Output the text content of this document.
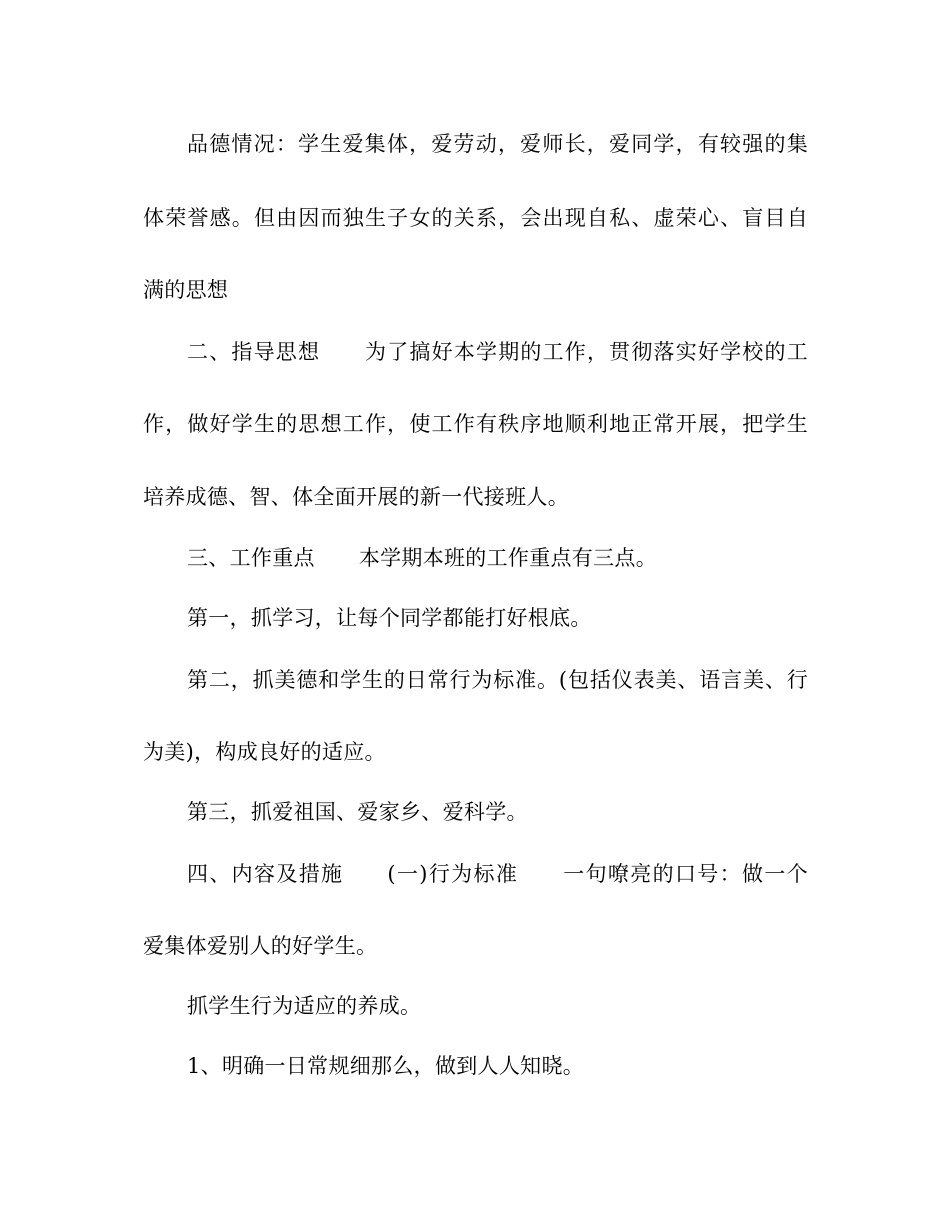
品德情况：学生爱集体，爱劳动，爱师长，爱同学，有较强的集
体荣誉感。但由因而独生子女的关系，会出现自私、虚荣心、盲目自
满的思想
二、指导思想 为了搞好本学期的工作，贯彻落实好学校的工
作，做好学生的思想工作，使工作有秩序地顺利地正常开展，把学生
培养成德、智、体全面开展的新一代接班人。
三、工作重点 本学期本班的工作重点有三点。
第一，抓学习，让每个同学都能打好根底。
第二，抓美德和学生的日常行为标准。(包括仪表美、语言美、行
为美)，构成良好的适应。
第三，抓爱祖国、爱家乡、爱科学。
四、内容及措施 (一)行为标准 一句嘹亮的口号：做一个
爱集体爱别人的好学生。
抓学生行为适应的养成。
1、明确一日常规细那么，做到人人知晓。
